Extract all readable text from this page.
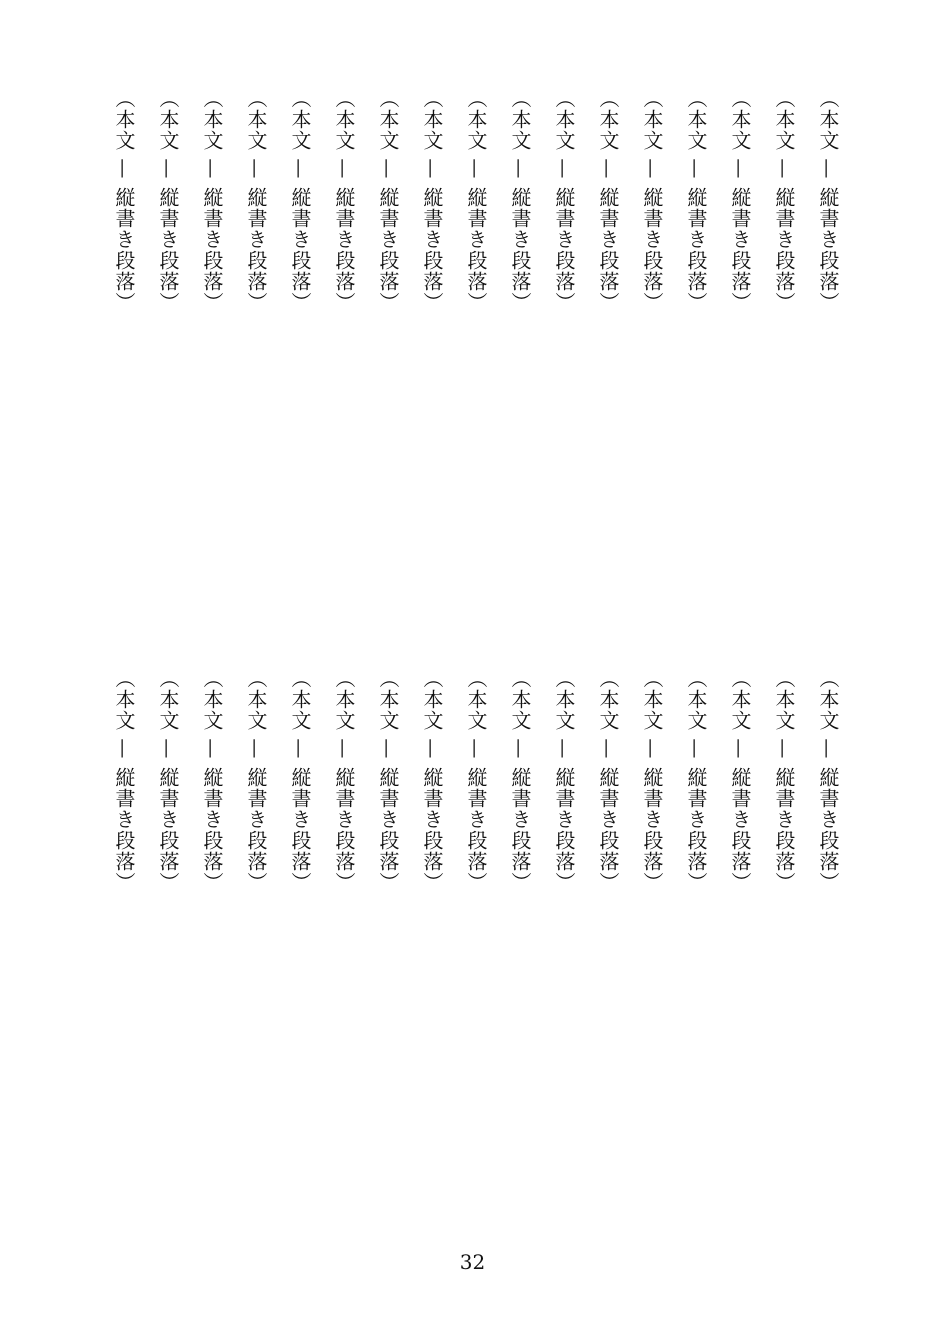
（本文 — 縦書き段落）
（本文 — 縦書き段落）
（本文 — 縦書き段落）
（本文 — 縦書き段落）
（本文 — 縦書き段落）
（本文 — 縦書き段落）
（本文 — 縦書き段落）
（本文 — 縦書き段落）
（本文 — 縦書き段落）
（本文 — 縦書き段落）
（本文 — 縦書き段落）
（本文 — 縦書き段落）
（本文 — 縦書き段落）
（本文 — 縦書き段落）
（本文 — 縦書き段落）
（本文 — 縦書き段落）
（本文 — 縦書き段落）
（本文 — 縦書き段落）
（本文 — 縦書き段落）
（本文 — 縦書き段落）
（本文 — 縦書き段落）
（本文 — 縦書き段落）
（本文 — 縦書き段落）
（本文 — 縦書き段落）
（本文 — 縦書き段落）
（本文 — 縦書き段落）
（本文 — 縦書き段落）
（本文 — 縦書き段落）
（本文 — 縦書き段落）
（本文 — 縦書き段落）
（本文 — 縦書き段落）
（本文 — 縦書き段落）
（本文 — 縦書き段落）
（本文 — 縦書き段落）
32
